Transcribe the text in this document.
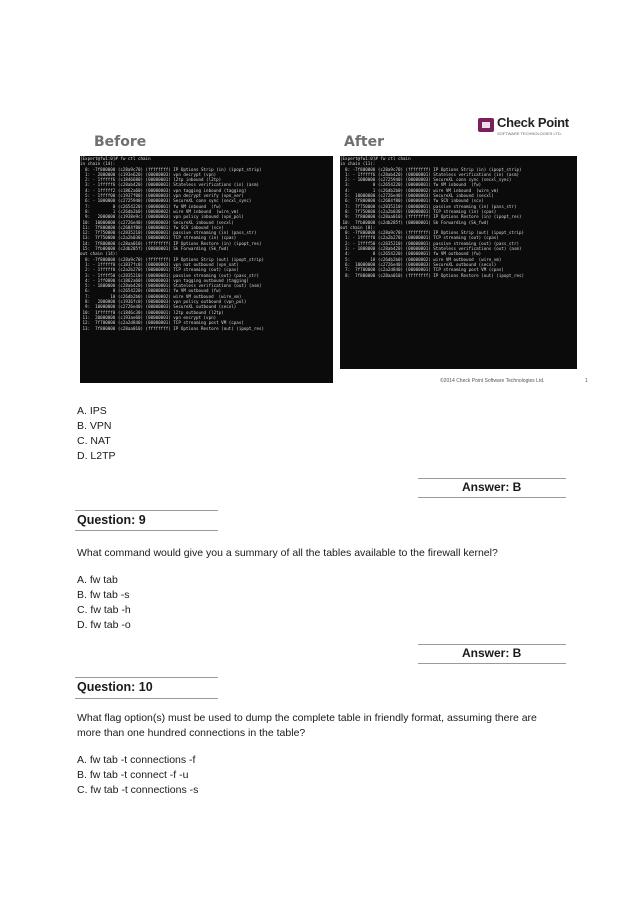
Before	After
Check Point
SOFTWARE TECHNOLOGIES LTD.
[Expert@fw1:0]# fw ctl chain
in chain (14):
0: -7f800000 (c28a9c70) (ffffffff) IP Options Strip (in) (ipopt_strip)
1: - 2000000 (c193e620) (00000003) vpn decrypt (vpn)
2: - 1fffff6 (c1846680) (00000001) l2tp inbound (l2tp)
3: - 1fffff6 (c28ab420) (00000001) Stateless verifications (in) (asm)
4: - 1fffff2 (c1862a60) (00000003) vpn tagging inbound (tagging)
5: - 1ffff00 (c1937f00) (00000003) vpn decrypt verify (vpn_ver)
6: - 1000000 (c2725940) (00000003) SecureXL conn sync (secxl_sync)
7:         0 (c2654220) (00000001) fw VM inbound  (fw)
8:         1 (c26db2b0) (00000002) wire VM inbound  (wire_vm)
9:   2000000 (c1938e9c) (00000003) vpn policy inbound (vpn_pol)
10:  10000000 (c2726e40) (00000003) SecureXL inbound (secxl)
11:  7f800000 (c2684f80) (00000001) fw SCV inbound (scv)
12:  7f750000 (c2835210) (00000001) passive streaming (in) (pass_str)
13:  7f750000 (c2a2b030) (00000001) TCP streaming (in) (cpas)
14:  7f800000 (c28aa010) (ffffffff) IP Options Restore (in) (ipopt_res)
15:  7fb00000 (c2db285f) (00000001) Sk Forwarding (Sk_fwd)
out chain (14):
0: -7f800000 (c28a9c70) (ffffffff) IP Options Strip (out) (ipopt_strip)
1: - 1fffff0 (c1837fc0) (00000003) vpn nat outbound (vpn_nat)
2: - 1fffff0 (c2a2b270) (00000001) TCP streaming (out) (cpas)
3: - 1ffff50 (c2835210) (00000001) passive streaming (out) (pass_str)
4: - 1ff0000 (c1862a60) (00000003) vpn tagging outbound (tagging)
5: - 1800000 (c28ab420) (00000001) Stateless verifications (out) (asm)
6:         0 (c2654220) (00000001) fw VM outbound (fw)
7:        10 (c26db2b0) (00000002) wire VM outbound  (wire_vm)
8:   2000000 (c1936fc0) (00000003) vpn policy outbound (vpn_pol)
9:  10000000 (c2726e40) (00000003) SecureXL outbound (secxl)
10:  1ffffff0 (c1846c30) (00000001) l2tp outbound (l2tp)
11:  20000000 (c193ae60) (00000003) vpn encrypt (vpn)
12:  7f700000 (c2a2d840) (00000001) TCP streaming post VM (cpas)
13:  7f800000 (c28aa010) (ffffffff) IP Options Restore (out) (ipopt_res)
[Expert@fw1:0]# fw ctl chain
in chain (11):
0: -7f800000 (c28a9c70) (ffffffff) IP Options Strip (in) (ipopt_strip)
1: - 1fffff6 (c28ab420) (00000001) Stateless verifications (in) (asm)
2: - 1000000 (c2725940) (00000003) SecureXL conn sync (secxl_sync)
3:         0 (c2654220) (00000001) fw VM inbound  (fw)
4:         1 (c26db2b0) (00000002) wire VM inbound  (wire_vm)
5:  10000000 (c2726e40) (00000003) SecureXL inbound (secxl)
6:  7f800000 (c2684f80) (00000001) fw SCV inbound (scv)
7:  7f750000 (c2835210) (00000001) passive streaming (in) (pass_str)
8:  7f750000 (c2a2b030) (00000001) TCP streaming (in) (cpas)
9:  7f800000 (c28aa010) (ffffffff) IP Options Restore (in) (ipopt_res)
10:  7fb00000 (c2db285f) (00000001) Sk Forwarding (Sk_fwd)
out chain (8):
0: -7f800000 (c28a9c70) (ffffffff) IP Options Strip (out) (ipopt_strip)
1: - 1fffff0 (c2a2b270) (00000001) TCP streaming (out) (cpas)
2: - 1ffff50 (c2835210) (00000001) passive streaming (out) (pass_str)
3: - 1800000 (c28ab420) (00000001) Stateless verifications (out) (asm)
4:         0 (c2654220) (00000001) fw VM outbound (fw)
5:        10 (c26db2b0) (00000002) wire VM outbound  (wire_vm)
6:  10000000 (c2726e40) (00000003) SecureXL outbound (secxl)
7:  7f700000 (c2a2d840) (00000001) TCP streaming post VM (cpas)
8:  7f800000 (c28aa010) (ffffffff) IP Options Restore (out) (ipopt_res)
©2014 Check Point Software Technologies Ltd.	1
A. IPS
B. VPN
C. NAT
D. L2TP
Answer: B
Question: 9
What command would give you a summary of all the tables available to the firewall kernel?
A. fw tab
B. fw tab -s
C. fw tab -h
D. fw tab -o
Answer: B
Question: 10
What flag option(s) must be used to dump the complete table in friendly format, assuming there are
more than one hundred connections in the table?
A. fw tab -t connections -f
B. fw tab -t connect -f -u
C. fw tab -t connections -s
